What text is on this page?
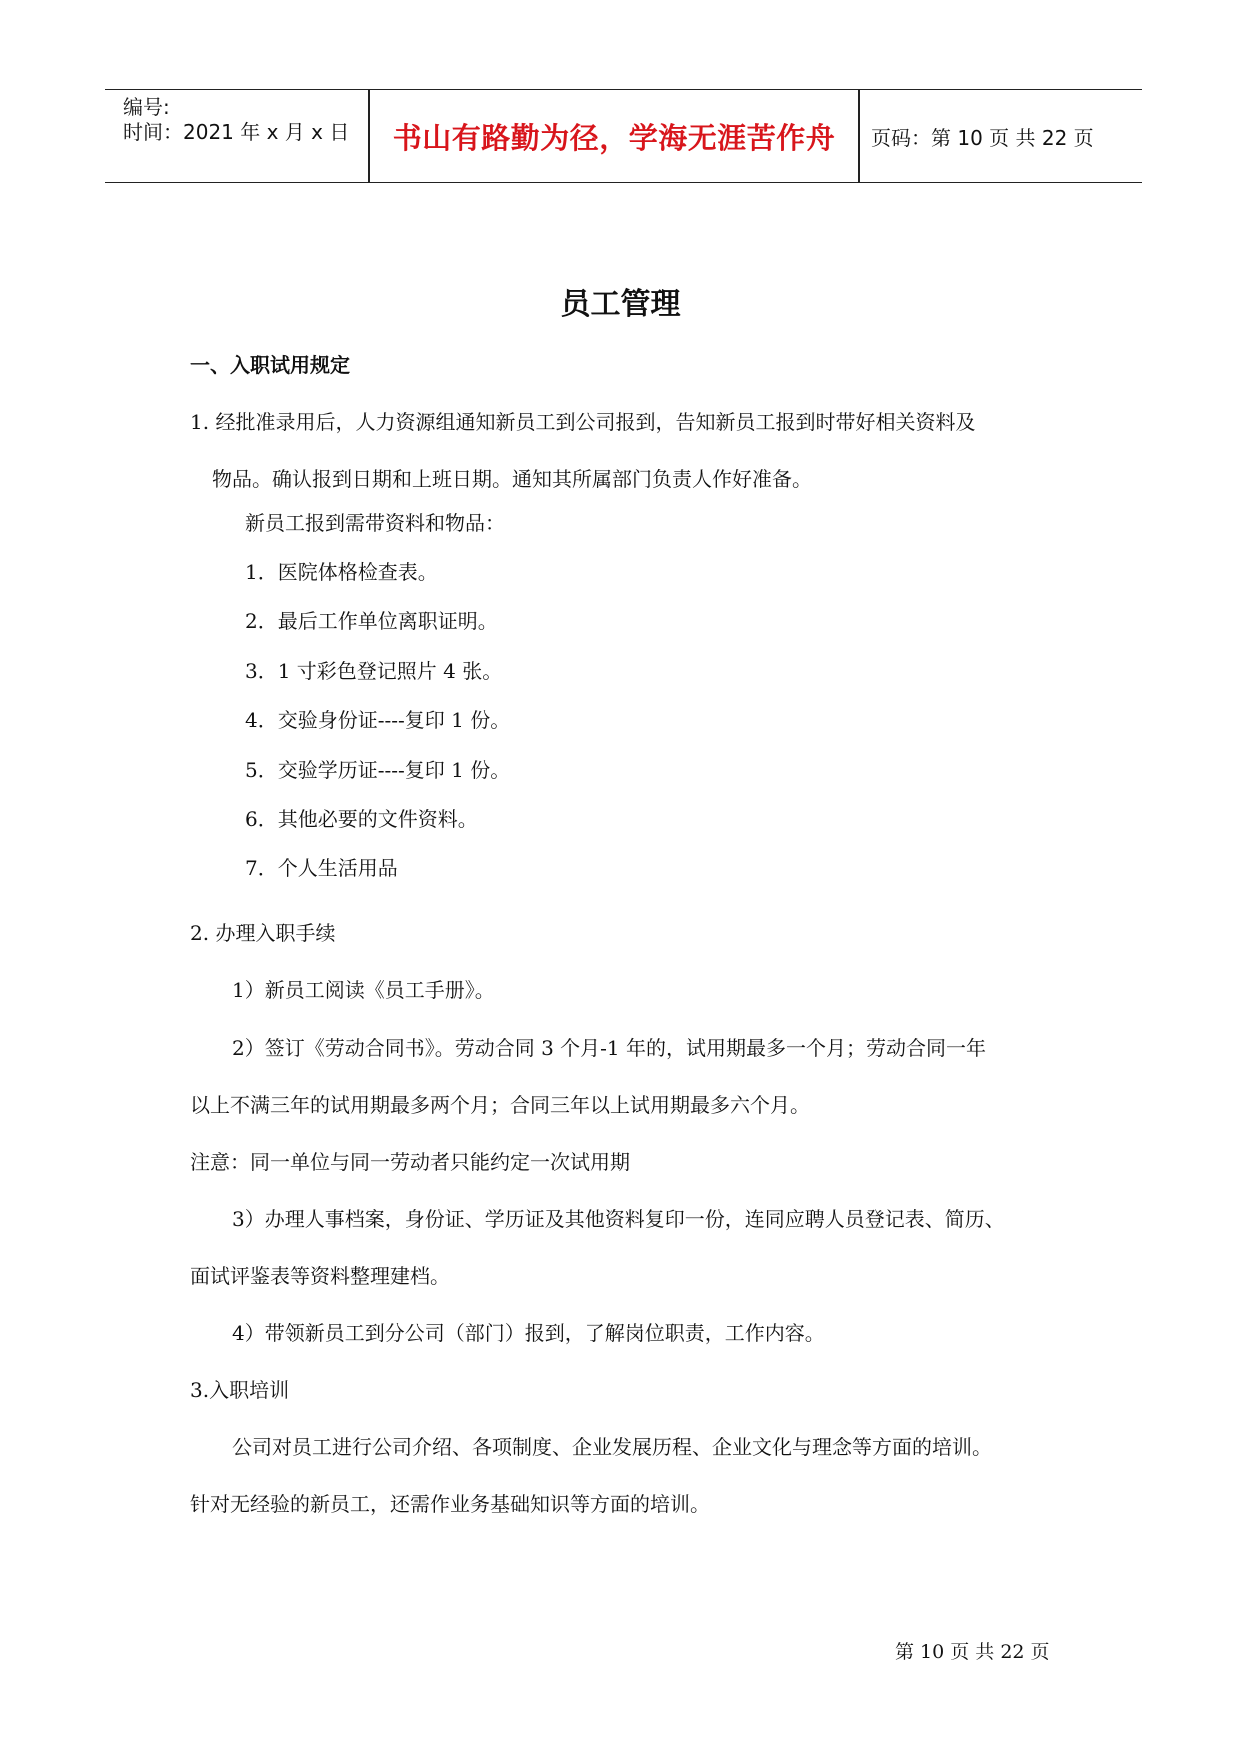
编号:
时间：2021 年 x 月 x 日	书山有路勤为径，学海无涯苦作舟	页码：第 10 页 共 22 页
员工管理
一、入职试用规定
1. 经批准录用后，人力资源组通知新员工到公司报到，告知新员工报到时带好相关资料及
物品。确认报到日期和上班日期。通知其所属部门负责人作好准备。
新员工报到需带资料和物品：
1．医院体格检查表。
2．最后工作单位离职证明。
3．1 寸彩色登记照片 4 张。
4．交验身份证----复印 1 份。
5．交验学历证----复印 1 份。
6．其他必要的文件资料。
7．个人生活用品
2. 办理入职手续
1）新员工阅读《员工手册》。
2）签订《劳动合同书》。劳动合同 3 个月-1 年的，试用期最多一个月；劳动合同一年
以上不满三年的试用期最多两个月；合同三年以上试用期最多六个月。
注意：同一单位与同一劳动者只能约定一次试用期
3）办理人事档案，身份证、学历证及其他资料复印一份，连同应聘人员登记表、简历、
面试评鉴表等资料整理建档。
4）带领新员工到分公司（部门）报到，了解岗位职责，工作内容。
3.入职培训
公司对员工进行公司介绍、各项制度、企业发展历程、企业文化与理念等方面的培训。
针对无经验的新员工，还需作业务基础知识等方面的培训。
第 10 页 共 22 页
